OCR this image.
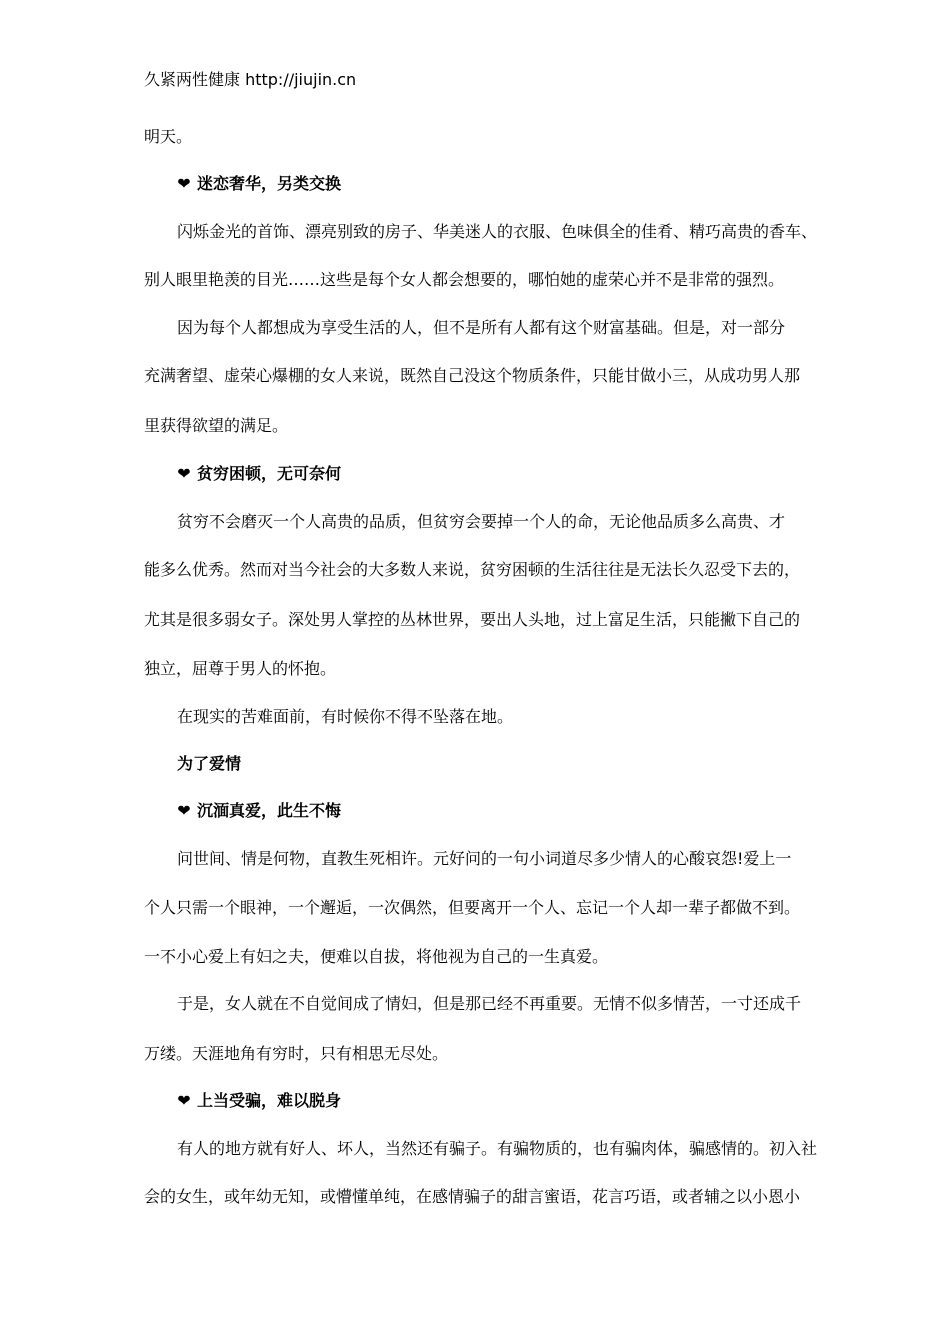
久紧两性健康 http://jiujin.cn
明天。
❤ 迷恋奢华，另类交换
闪烁金光的首饰、漂亮别致的房子、华美迷人的衣服、色味俱全的佳肴、精巧高贵的香车、
别人眼里艳羡的目光……这些是每个女人都会想要的，哪怕她的虚荣心并不是非常的强烈。
因为每个人都想成为享受生活的人，但不是所有人都有这个财富基础。但是，对一部分
充满奢望、虚荣心爆棚的女人来说，既然自己没这个物质条件，只能甘做小三，从成功男人那
里获得欲望的满足。
❤ 贫穷困顿，无可奈何
贫穷不会磨灭一个人高贵的品质，但贫穷会要掉一个人的命，无论他品质多么高贵、才
能多么优秀。然而对当今社会的大多数人来说，贫穷困顿的生活往往是无法长久忍受下去的，
尤其是很多弱女子。深处男人掌控的丛林世界，要出人头地，过上富足生活，只能撇下自己的
独立，屈尊于男人的怀抱。
在现实的苦难面前，有时候你不得不坠落在地。
为了爱情
❤ 沉湎真爱，此生不悔
问世间、情是何物，直教生死相许。元好问的一句小词道尽多少情人的心酸哀怨!爱上一
个人只需一个眼神，一个邂逅，一次偶然，但要离开一个人、忘记一个人却一辈子都做不到。
一不小心爱上有妇之夫，便难以自拔，将他视为自己的一生真爱。
于是，女人就在不自觉间成了情妇，但是那已经不再重要。无情不似多情苦，一寸还成千
万缕。天涯地角有穷时，只有相思无尽处。
❤ 上当受骗，难以脱身
有人的地方就有好人、坏人，当然还有骗子。有骗物质的，也有骗肉体，骗感情的。初入社
会的女生，或年幼无知，或懵懂单纯，在感情骗子的甜言蜜语，花言巧语，或者辅之以小恩小
